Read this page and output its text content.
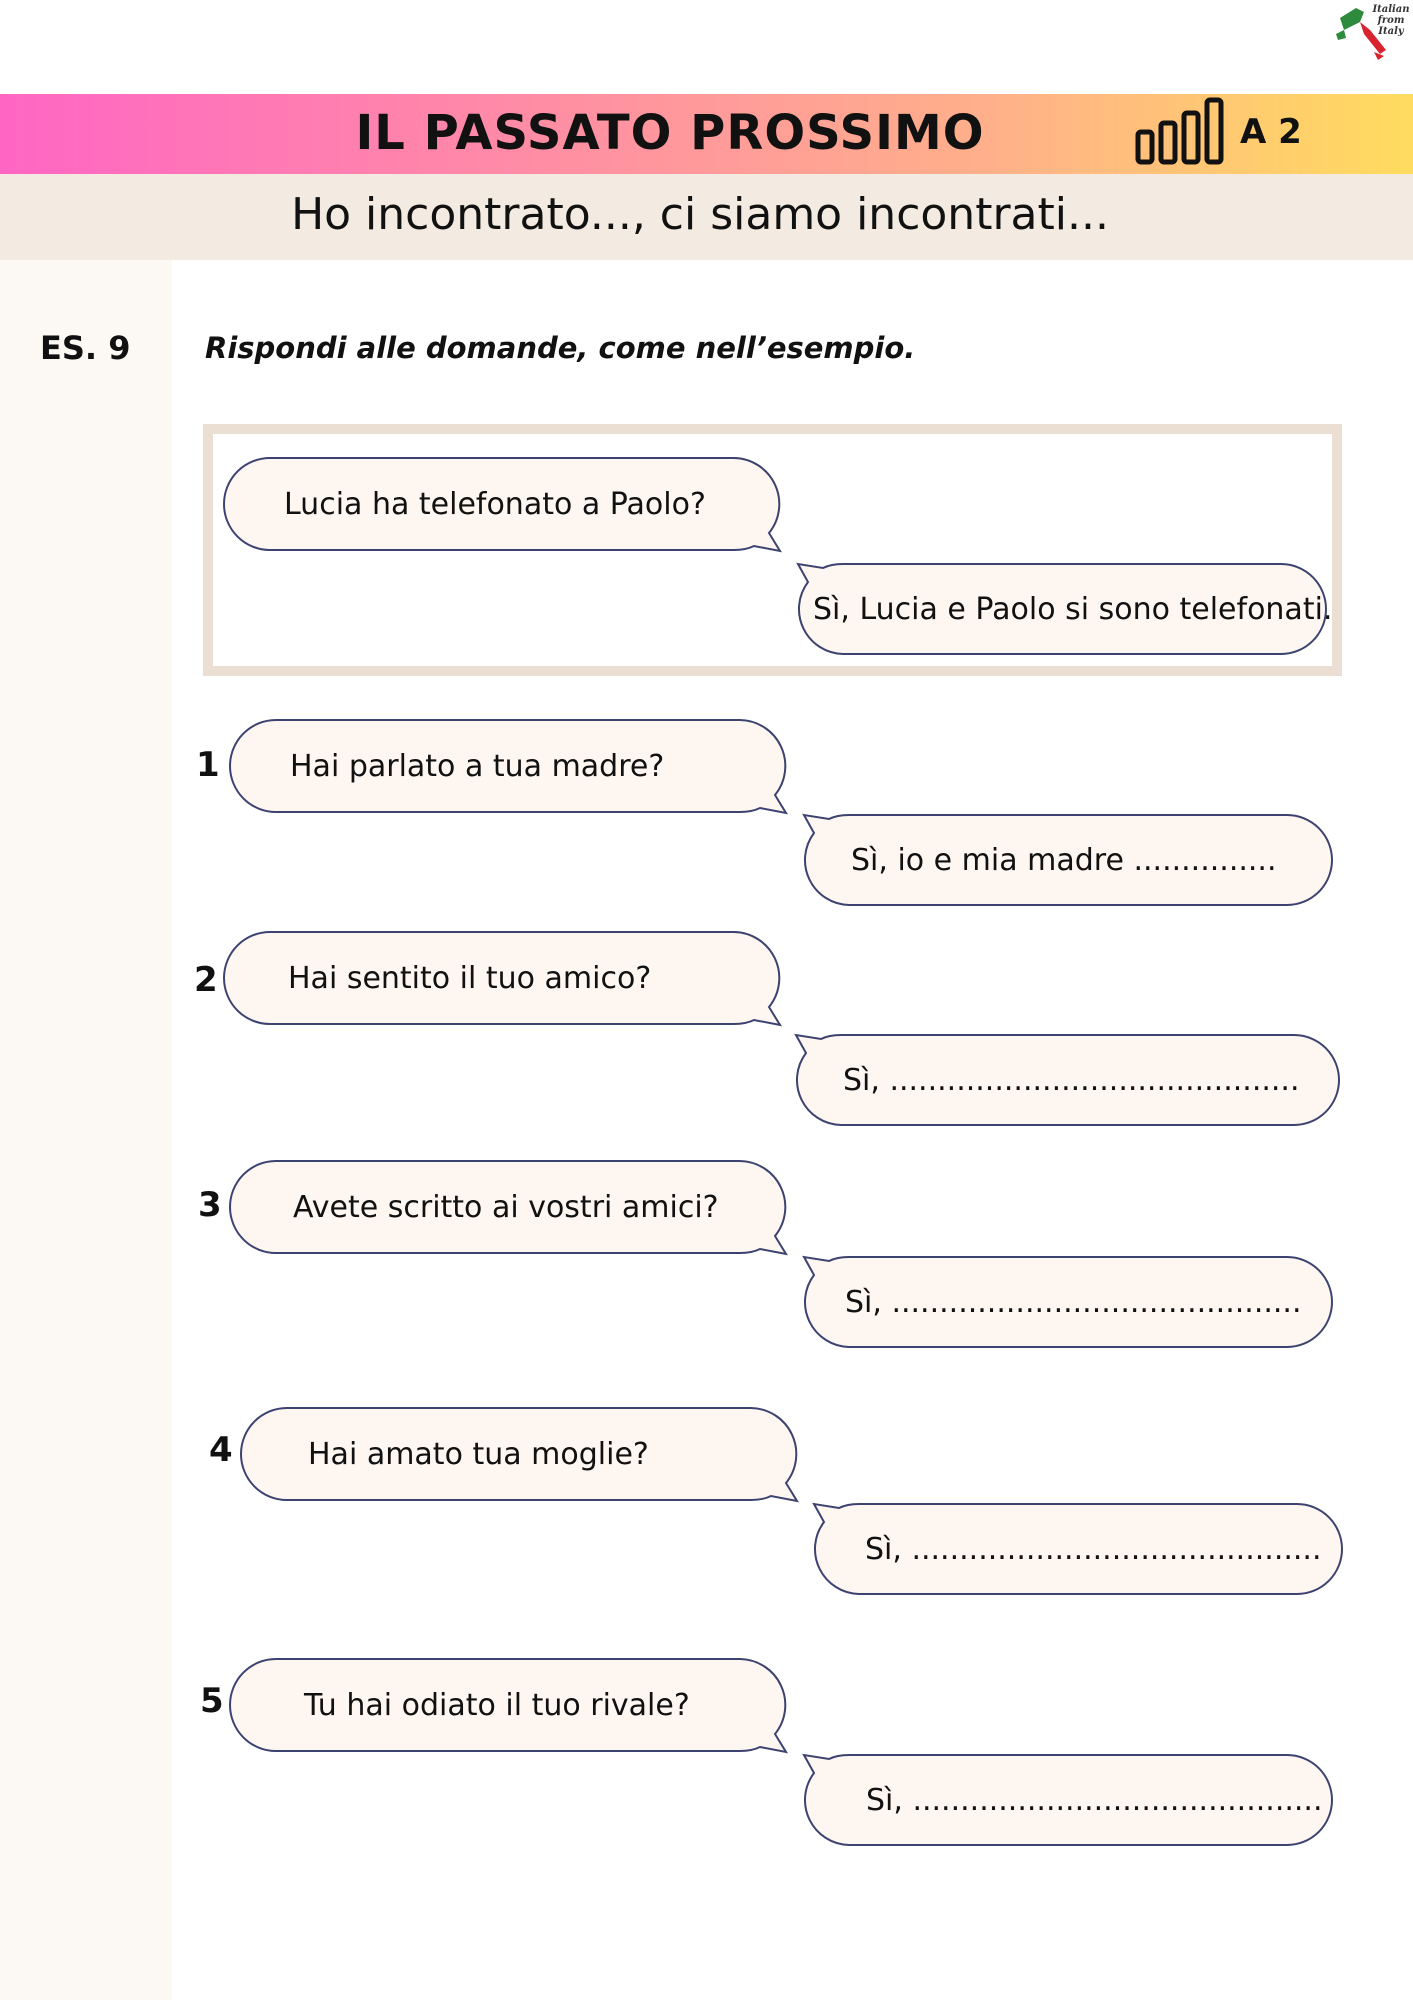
Italian
from
Italy
IL PASSATO PROSSIMO	A 2
Ho incontrato..., ci siamo incontrati...
ES. 9	Rispondi alle domande, come nell’esempio.
Lucia ha telefonato a Paolo?
Sì, Lucia e Paolo si sono telefonati.
1	Hai parlato a tua madre?
Sì, io e mia madre ...............
2	Hai sentito il tuo amico?
Sì, ...........................................
3	Avete scritto ai vostri amici?
Sì, ...........................................
4	Hai amato tua moglie?
Sì, ...........................................
5	Tu hai odiato il tuo rivale?
Sì, ...........................................
